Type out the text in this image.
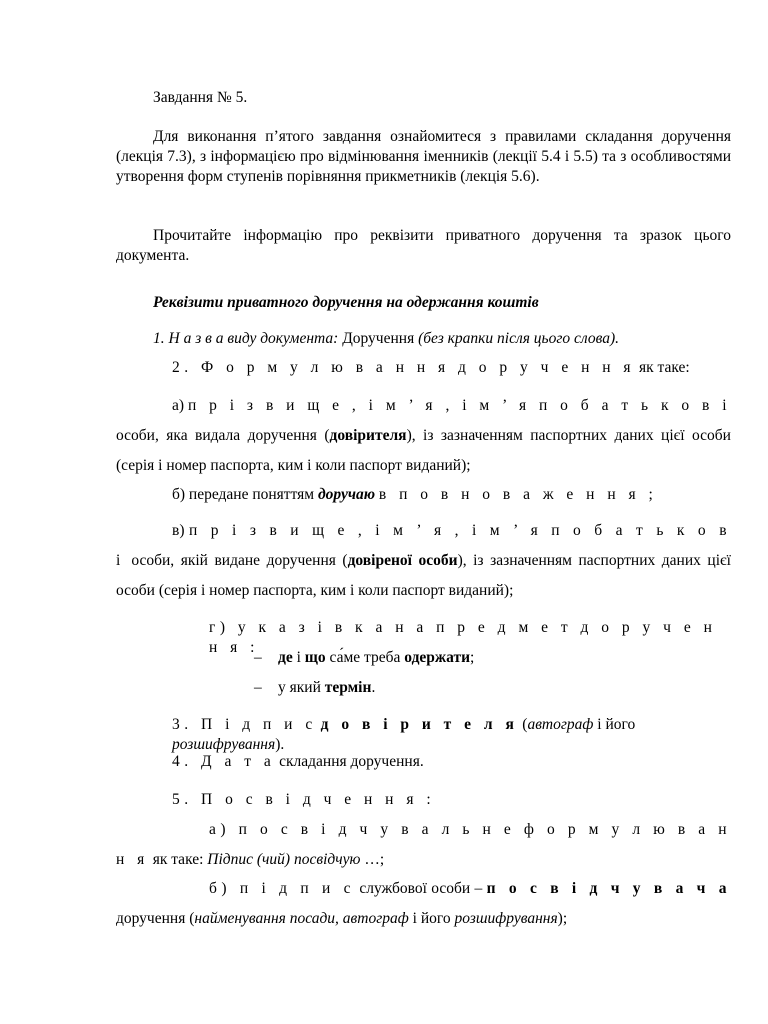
Завдання № 5.

Для виконання п’ятого завдання ознайомитеся з правилами складання доручення (лекція 7.3), з інформацією про відмінювання іменників (лекції 5.4 і 5.5) та з особливостями утворення форм ступенів порівняння прикметників (лекція 5.6).

Прочитайте інформацію про реквізити приватного доручення та зразок цього документа.

Реквізити приватного доручення на одержання коштів

1. Н а з в а виду документа: Доручення (без крапки після цього слова).

2. Ф о р м у л ю в а н н я д о р у ч е н н я як таке:

а) п р і з в и щ е , і м ’ я , і м ’ я п о б а т ь к о в і особи, яка видала доручення (довірителя), із зазначенням паспортних даних цієї особи (серія і номер паспорта, ким і коли паспорт виданий);

б) передане поняттям доручаю в п о в н о в а ж е н н я ;

в) п р і з в и щ е , і м ’ я , і м ’ я п о б а т ь к о в і особи, якій видане доручення (довіреної особи), із зазначенням паспортних даних цієї особи (серія і номер паспорта, ким і коли паспорт виданий);

г) у к а з і в к а н а п р е д м е т д о р у ч е н н я :

– де і що са́ме треба одержати;
– у який термін.

3. П і д п и с д о в і р и т е л я (автограф і його розшифрування).

4. Д а т а складання доручення.

5. П о с в і д ч е н н я :

а) п о с в і д ч у в а л ь н е ф о р м у л ю в а н н я як таке: Підпис (чий) посвідчую …;

б) п і д п и с службової особи – п о с в і д ч у в а ч а доручення (найменування посади, автограф і його розшифрування);
